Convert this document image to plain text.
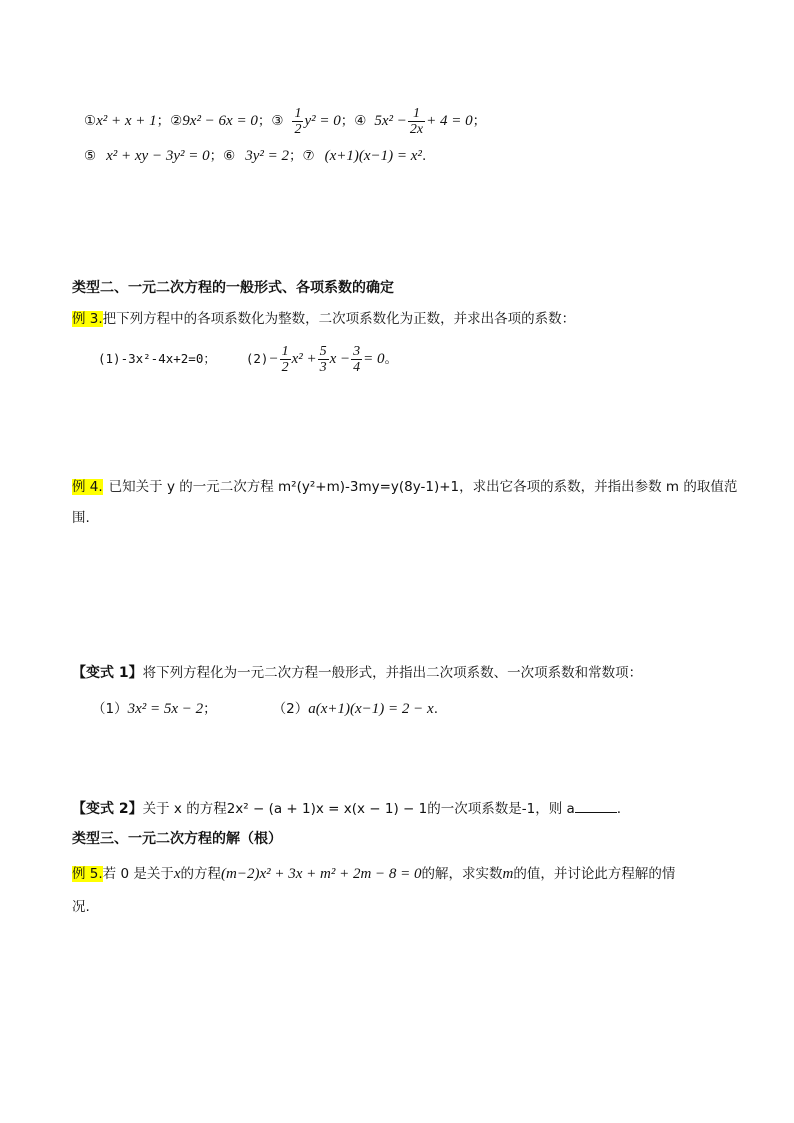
①x² + x + 1；②9x² − 6x = 0；③ $\frac{1}{2} y^2 = 0$；④ $5x^2 - \frac{1}{2x} + 4 = 0$；
⑤ x² + xy − 3y² = 0；⑥ 3y² = 2；⑦ (x+1)(x−1) = x².
类型二、一元二次方程的一般形式、各项系数的确定
例 3.把下列方程中的各项系数化为整数，二次项系数化为正数，并求出各项的系数：
(1)-3x²-4x+2=0； $(2)- \frac{1}{2} x^2 + \frac{5}{3}$ $x - \frac{3}{4} = 0$。
例 4. 已知关于 y 的一元二次方程 m²(y²+m)-3my=y(8y-1)+1，求出它各项的系数，并指出参数 m 的取值范
围.
【变式 1】将下列方程化为一元二次方程一般形式，并指出二次项系数、一次项系数和常数项：
（1）3x² = 5x − 2；	（2）a(x+1)(x−1) = 2 − x.
【变式 2】关于 x 的方程2x² − (a + 1)x = x(x − 1) − 1的一次项系数是-1，则 a	.
类型三、一元二次方程的解（根）
例 5.若 0 是关于x的方程(m−2)x² + 3x + m² + 2m − 8 = 0的解，求实数m的值，并讨论此方程解的情
况.
